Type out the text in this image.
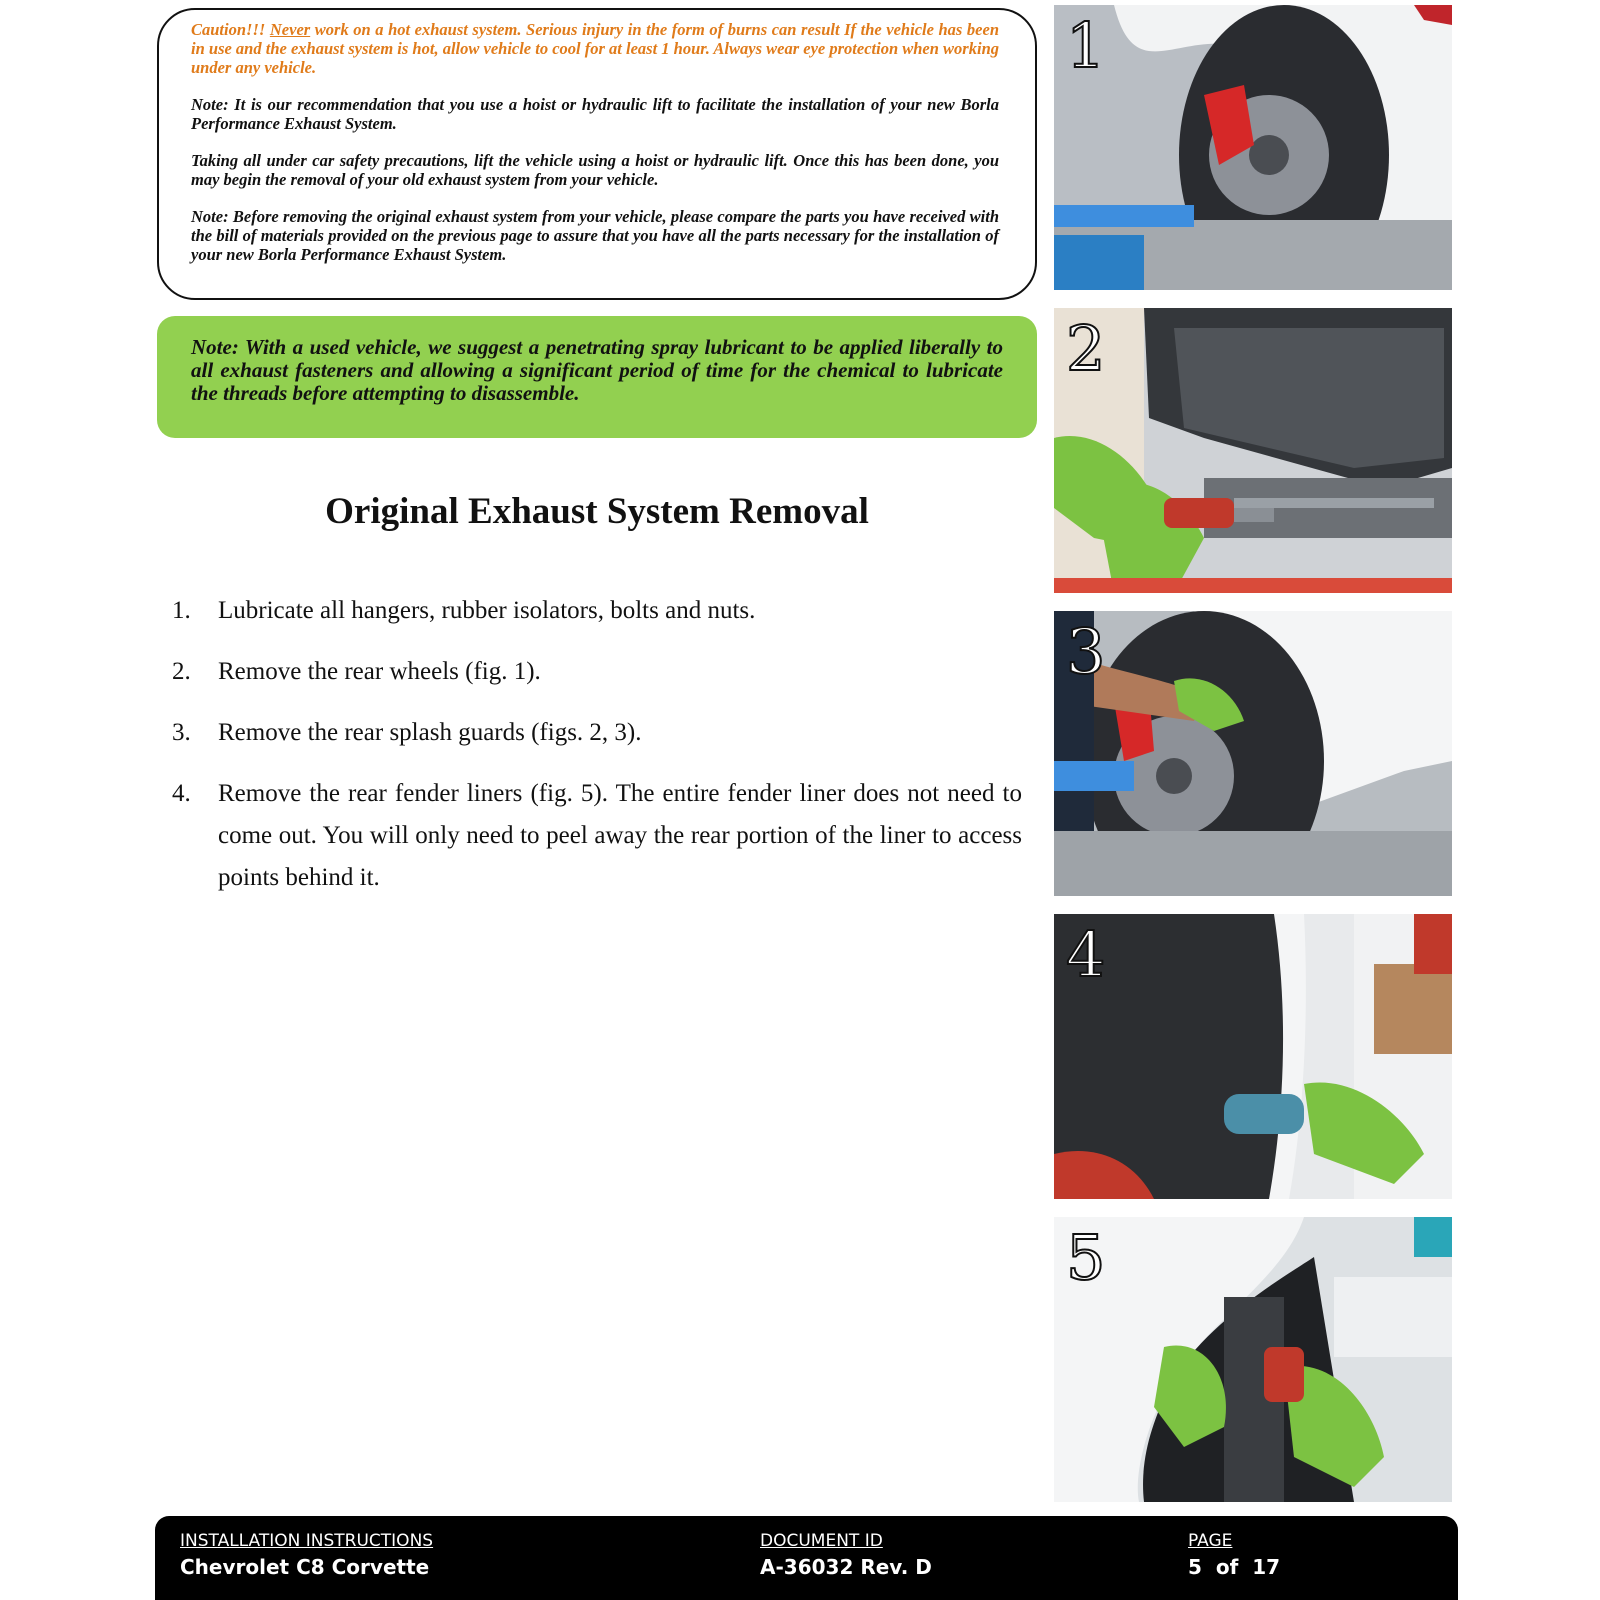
Caution!!! Never work on a hot exhaust system. Serious injury in the form of burns can result If the vehicle has been in use and the exhaust system is hot, allow vehicle to cool for at least 1 hour. Always wear eye protection when working under any vehicle.

Note: It is our recommendation that you use a hoist or hydraulic lift to facilitate the installation of your new Borla Performance Exhaust System.

Taking all under car safety precautions, lift the vehicle using a hoist or hydraulic lift. Once this has been done, you may begin the removal of your old exhaust system from your vehicle.

Note: Before removing the original exhaust system from your vehicle, please compare the parts you have received with the bill of materials provided on the previous page to assure that you have all the parts necessary for the installation of your new Borla Performance Exhaust System.

Note: With a used vehicle, we suggest a penetrating spray lubricant to be applied liberally to all exhaust fasteners and allowing a significant period of time for the chemical to lubricate the threads before attempting to disassemble.
Original Exhaust System Removal
1. Lubricate all hangers, rubber isolators, bolts and nuts.
2. Remove the rear wheels (fig. 1).
3. Remove the rear splash guards (figs. 2, 3).
4. Remove the rear fender liners (fig. 5). The entire fender liner does not need to come out. You will only need to peel away the rear portion of the liner to access points behind it.
1
2
3
4
5
INSTALLATION INSTRUCTIONS
Chevrolet C8 Corvette
DOCUMENT ID
A-36032 Rev. D
PAGE
5  of  17
